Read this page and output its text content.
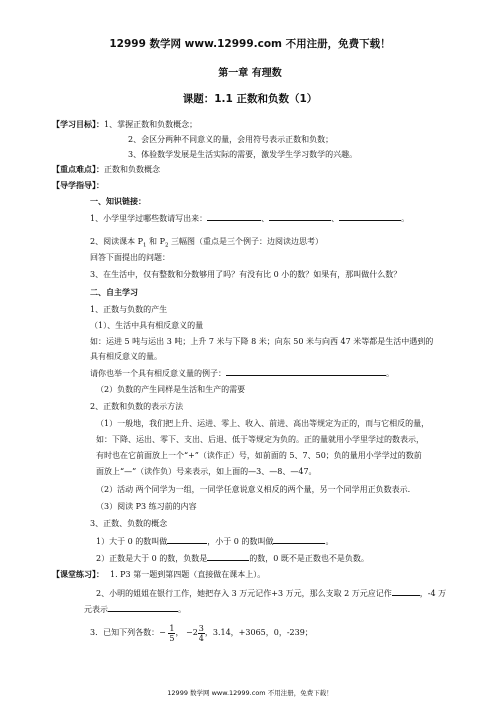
12999 数学网 www.12999.com 不用注册，免费下载！
第一章 有理数
课题：1.1 正数和负数（1）
【学习目标】：1、掌握正数和负数概念；
2、会区分两种不同意义的量，会用符号表示正数和负数；
3、体验数学发展是生活实际的需要，激发学生学习数学的兴趣。
【重点难点】：正数和负数概念
【导学指导】：
一、知识链接：
1、小学里学过哪些数请写出来：	、	、	。
2、阅读课本 $P_1$ 和 $P_2$ 三幅图（重点是三个例子：边阅读边思考）
回答下面提出的问题：
3、在生活中，仅有整数和分数够用了吗？有没有比 0 小的数？如果有，那叫做什么数？
二、自主学习
1、正数与负数的产生
（1）、生活中具有相反意义的量
如：运进 5 吨与运出 3 吨；上升 7 米与下降 8 米；向东 50 米与向西 47 米等都是生活中遇到的
具有相反意义的量。
请你也举一个具有相反意义量的例子：	。
（2）负数的产生同样是生活和生产的需要
2、正数和负数的表示方法
（1）一般地，我们把上升、运进、零上、收入、前进、高出等规定为正的，而与它相反的量，
如：下降、运出、零下、支出、后退、低于等规定为负的。正的量就用小学里学过的数表示，
有时也在它前面放上一个“+”（读作正）号，如前面的 5、7、50；负的量用小学学过的数前
面放上“—”（读作负）号来表示，如上面的—3、—8、—47。
（2）活动 两个同学为一组，一同学任意说意义相反的两个量，另一个同学用正负数表示.
（3）阅读 P3 练习前的内容
3、正数、负数的概念
1）大于 0 的数叫做	，小于 0 的数叫做	。
2）正数是大于 0 的数，负数是	的数，0 既不是正数也不是负数。
【课堂练习】： 1. P3 第一题到第四题（直接做在课本上）。
2、小明的姐姐在银行工作，她把存入 3 万元记作+3 万元，那么支取 2 万元应记作	，-4 万
元表示	。
3．已知下列各数：− $\frac{1}{5}$ ， $-2 \frac{3}{4}$ ，3.14，+3065，0，-239；
12999 数学网 www.12999.com 不用注册，免费下载！
